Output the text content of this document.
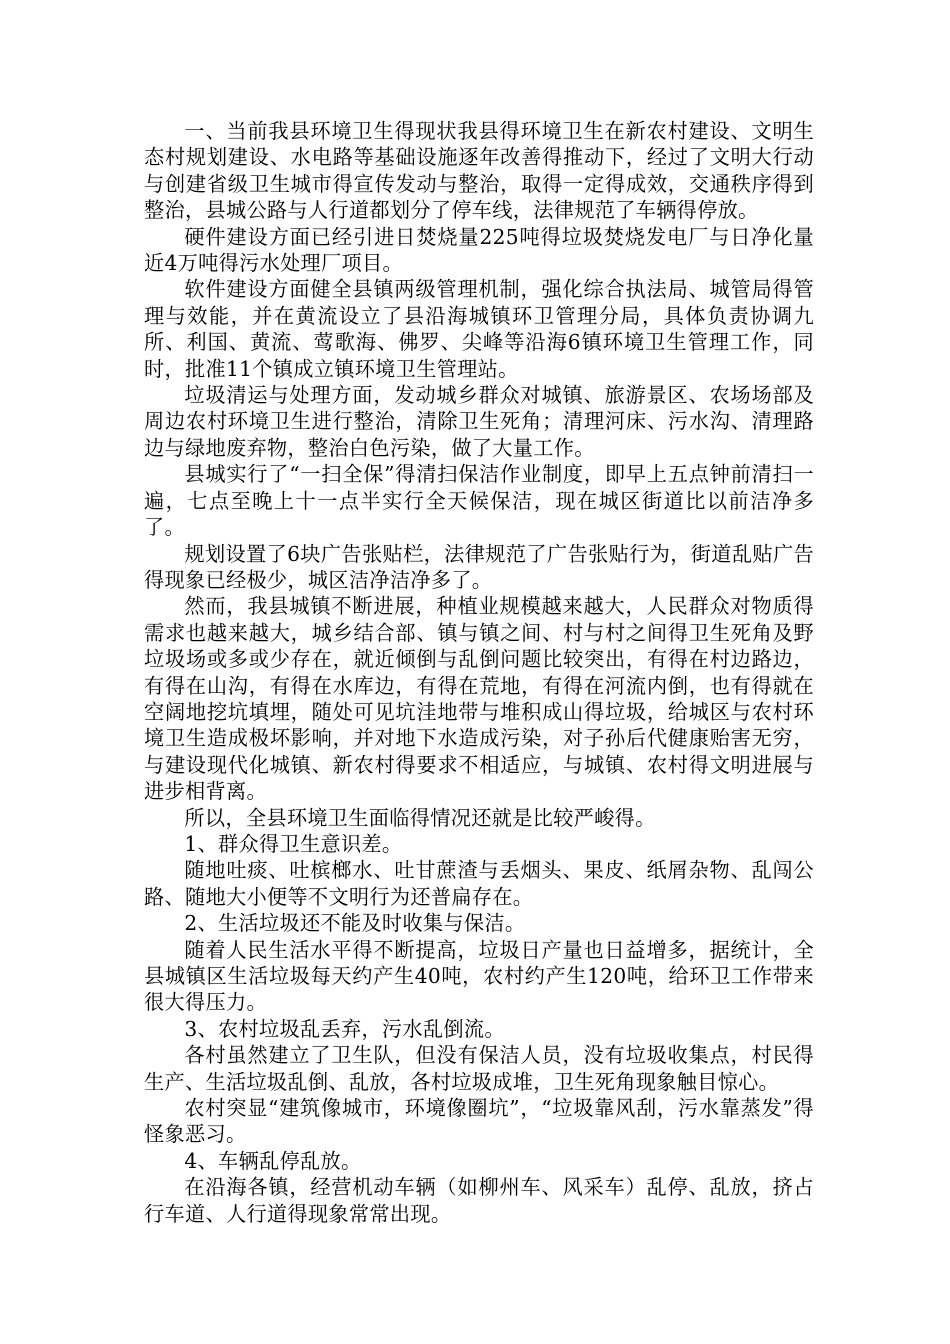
一、当前我县环境卫生得现状我县得环境卫生在新农村建设、文明生态村规划建设、水电路等基础设施逐年改善得推动下，经过了文明大行动与创建省级卫生城市得宣传发动与整治，取得一定得成效，交通秩序得到整治，县城公路与人行道都划分了停车线，法律规范了车辆得停放。

硬件建设方面已经引进日焚烧量225吨得垃圾焚烧发电厂与日净化量近4万吨得污水处理厂项目。

软件建设方面健全县镇两级管理机制，强化综合执法局、城管局得管理与效能，并在黄流设立了县沿海城镇环卫管理分局，具体负责协调九所、利国、黄流、莺歌海、佛罗、尖峰等沿海6镇环境卫生管理工作，同时，批准11个镇成立镇环境卫生管理站。

垃圾清运与处理方面，发动城乡群众对城镇、旅游景区、农场场部及周边农村环境卫生进行整治，清除卫生死角；清理河床、污水沟、清理路边与绿地废弃物，整治白色污染，做了大量工作。

县城实行了“一扫全保”得清扫保洁作业制度，即早上五点钟前清扫一遍，七点至晚上十一点半实行全天候保洁，现在城区街道比以前洁净多了。

规划设置了6块广告张贴栏，法律规范了广告张贴行为，街道乱贴广告得现象已经极少，城区洁净洁净多了。

然而，我县城镇不断进展，种植业规模越来越大，人民群众对物质得需求也越来越大，城乡结合部、镇与镇之间、村与村之间得卫生死角及野垃圾场或多或少存在，就近倾倒与乱倒问题比较突出，有得在村边路边，有得在山沟，有得在水库边，有得在荒地，有得在河流内倒，也有得就在空阔地挖坑填埋，随处可见坑洼地带与堆积成山得垃圾，给城区与农村环境卫生造成极坏影响，并对地下水造成污染，对子孙后代健康贻害无穷，与建设现代化城镇、新农村得要求不相适应，与城镇、农村得文明进展与进步相背离。

所以，全县环境卫生面临得情况还就是比较严峻得。

1、群众得卫生意识差。

随地吐痰、吐槟榔水、吐甘蔗渣与丢烟头、果皮、纸屑杂物、乱闯公路、随地大小便等不文明行为还普扁存在。

2、生活垃圾还不能及时收集与保洁。

随着人民生活水平得不断提高，垃圾日产量也日益增多，据统计，全县城镇区生活垃圾每天约产生40吨，农村约产生120吨，给环卫工作带来很大得压力。

3、农村垃圾乱丢弃，污水乱倒流。

各村虽然建立了卫生队，但没有保洁人员，没有垃圾收集点，村民得生产、生活垃圾乱倒、乱放，各村垃圾成堆，卫生死角现象触目惊心。

农村突显“建筑像城市，环境像圈坑”，“垃圾靠风刮，污水靠蒸发”得怪象恶习。

4、车辆乱停乱放。

在沿海各镇，经营机动车辆（如柳州车、风采车）乱停、乱放，挤占行车道、人行道得现象常常出现。
